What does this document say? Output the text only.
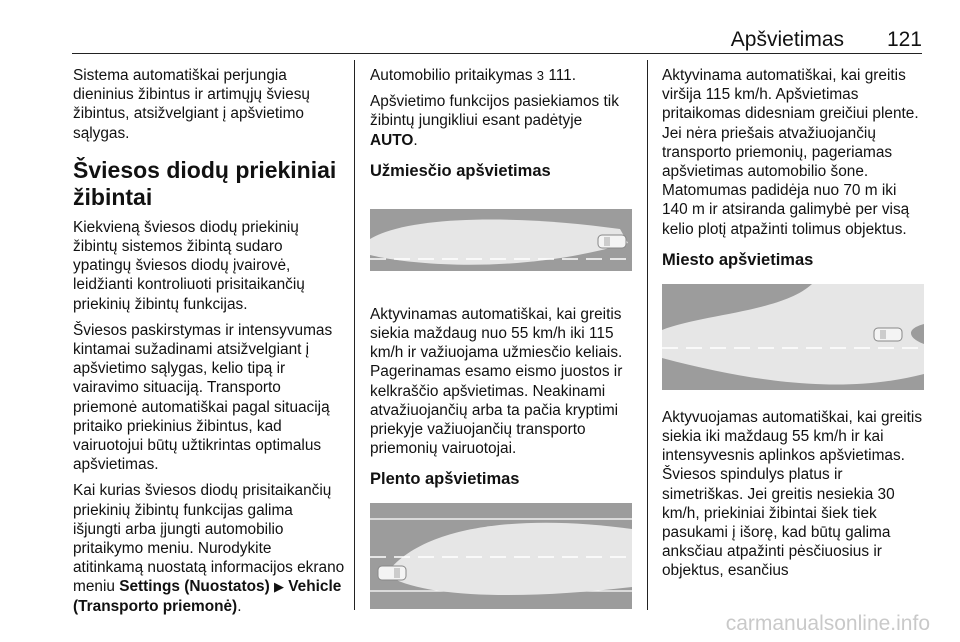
Apšvietimas 121

Sistema automatiškai perjungia dieninius žibintus ir artimųjų šviesų žibintus, atsižvelgiant į apšvietimo sąlygas.

Šviesos diodų priekiniai žibintai

Kiekvieną šviesos diodų priekinių žibintų sistemos žibintą sudaro ypatingų šviesos diodų įvairovė, leidžianti kontroliuoti prisitaikančių priekinių žibintų funkcijas.

Šviesos paskirstymas ir intensyvumas kintamai sužadinami atsižvelgiant į apšvietimo sąlygas, kelio tipą ir vairavimo situaciją. Transporto priemonė automatiškai pagal situaciją pritaiko priekinius žibintus, kad vairuotojui būtų užtikrintas optimalus apšvietimas.

Kai kurias šviesos diodų prisitaikančių priekinių žibintų funkcijas galima išjungti arba įjungti automobilio pritaikymo meniu. Nurodykite atitinkamą nuostatą informacijos ekrano meniu Settings (Nuostatos) ▶ Vehicle (Transporto priemonė).

Automobilio pritaikymas 3 111.

Apšvietimo funkcijos pasiekiamos tik žibintų jungikliui esant padėtyje AUTO.

Užmiesčio apšvietimas

Aktyvinamas automatiškai, kai greitis siekia maždaug nuo 55 km/h iki 115 km/h ir važiuojama užmiesčio keliais. Pagerinamas esamo eismo juostos ir kelkraščio apšvietimas. Neakinami atvažiuojančių arba ta pačia kryptimi priekyje važiuojančių transporto priemonių vairuotojai.

Plento apšvietimas

Aktyvinama automatiškai, kai greitis viršija 115 km/h. Apšvietimas pritaikomas didesniam greičiui plente. Jei nėra priešais atvažiuojančių transporto priemonių, pageriamas apšvietimas automobilio šone. Matomumas padidėja nuo 70 m iki 140 m ir atsiranda galimybė per visą kelio plotį atpažinti tolimus objektus.

Miesto apšvietimas

Aktyvuojamas automatiškai, kai greitis siekia iki maždaug 55 km/h ir kai intensyvesnis aplinkos apšvietimas. Šviesos spindulys platus ir simetriškas. Jei greitis nesiekia 30 km/h, priekiniai žibintai šiek tiek pasukami į išorę, kad būtų galima anksčiau atpažinti pėsčiuosius ir objektus, esančius

carmanualsonline.info
